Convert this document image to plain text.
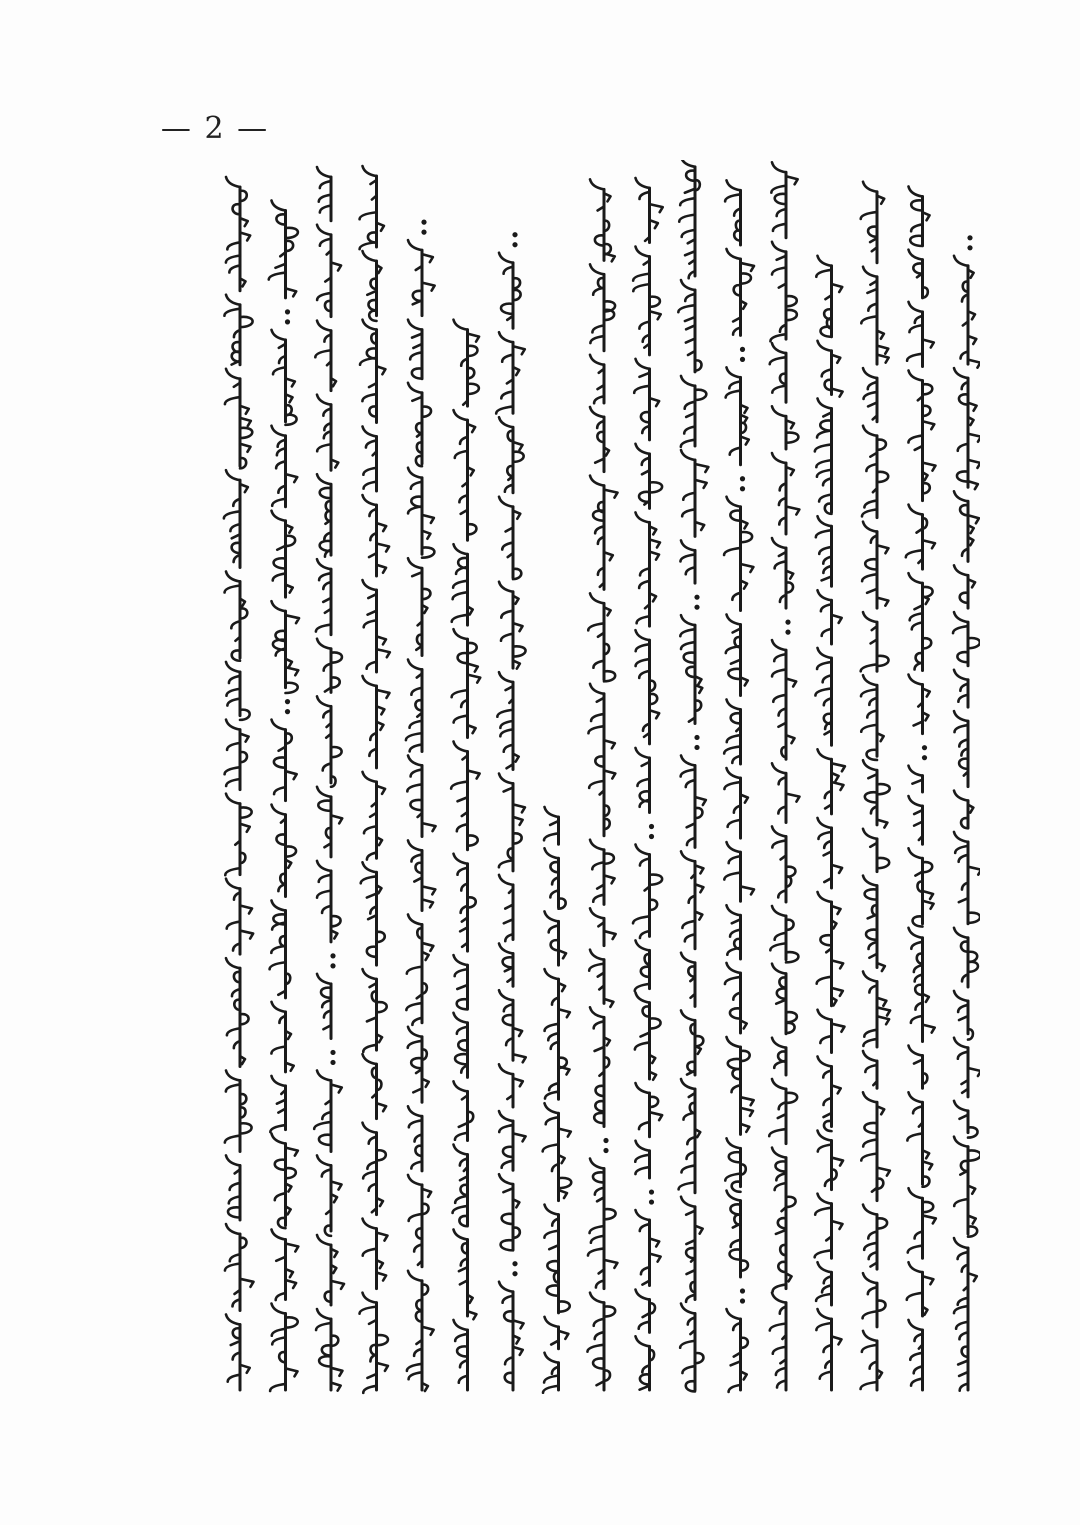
— 2 —
